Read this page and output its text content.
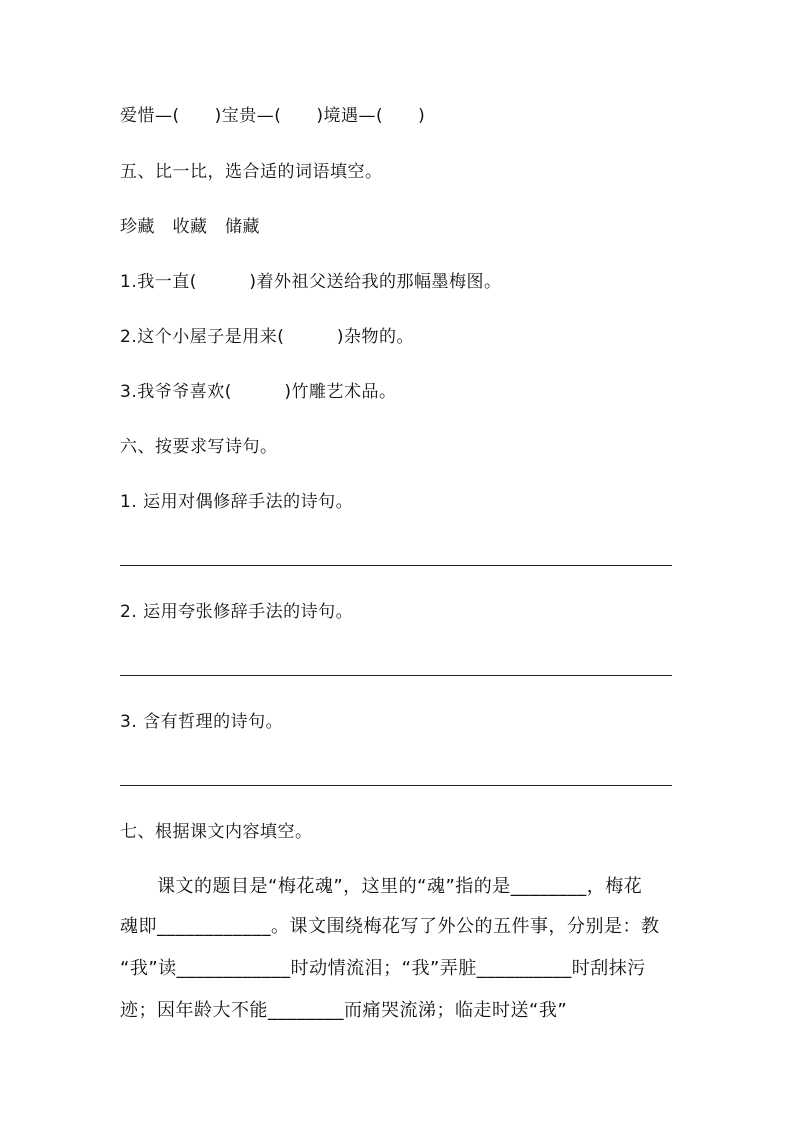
爱惜—(　　)宝贵—(　　)境遇—(　　)
五、比一比，选合适的词语填空。
珍藏　收藏　储藏
1.我一直(　　　)着外祖父送给我的那幅墨梅图。
2.这个小屋子是用来(　　　)杂物的。
3.我爷爷喜欢(　　　)竹雕艺术品。
六、按要求写诗句。
1. 运用对偶修辞手法的诗句。
2. 运用夸张修辞手法的诗句。
3. 含有哲理的诗句。
七、根据课文内容填空。
　　课文的题目是“梅花魂”，这里的“魂”指的是________，梅花
魂即____________。课文围绕梅花写了外公的五件事，分别是：教
“我”读____________时动情流泪；“我”弄脏__________时刮抹污
迹；因年龄大不能________而痛哭流涕；临走时送“我”
